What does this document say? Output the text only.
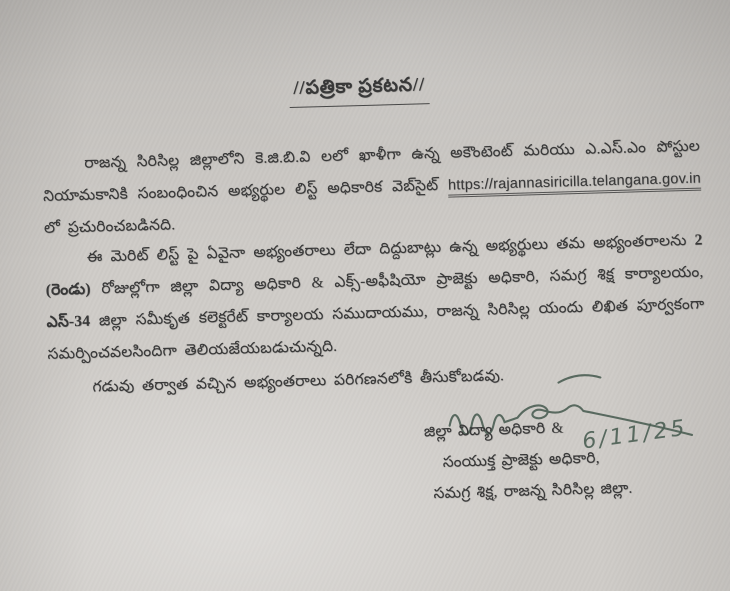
//పత్రికా ప్రకటన//

రాజన్న సిరిసిల్ల జిల్లాలోని కె.జి.బి.వి లలో ఖాళీగా ఉన్న అకౌంటెంట్ మరియు ఎ.ఎస్.ఎం పోస్టుల నియామకానికి సంబంధించిన అభ్యర్థుల లిస్ట్ అధికారిక వెబ్‌సైట్ https://rajannasiricilla.telangana.gov.in లో ప్రచురించబడినది.

ఈ మెరిట్ లిస్ట్ పై ఏవైనా అభ్యంతరాలు లేదా దిద్దుబాట్లు ఉన్న అభ్యర్థులు తమ అభ్యంతరాలను 2 (రెండు) రోజుల్లోగా జిల్లా విద్యా అధికారి & ఎక్స్-అఫీషియో ప్రాజెక్టు అధికారి, సమగ్ర శిక్ష కార్యాలయం, ఎస్-34 జిల్లా సమీకృత కలెక్టరేట్ కార్యాలయ సముదాయము, రాజన్న సిరిసిల్ల యందు లిఖిత పూర్వకంగా సమర్పించవలసిందిగా తెలియజేయబడుచున్నది.

గడువు తర్వాత వచ్చిన అభ్యంతరాలు పరిగణనలోకి తీసుకోబడవు.

6/11/25
జిల్లా విద్యా అధికారి &
సంయుక్త ప్రాజెక్టు అధికారి,
సమగ్ర శిక్ష, రాజన్న సిరిసిల్ల జిల్లా.
